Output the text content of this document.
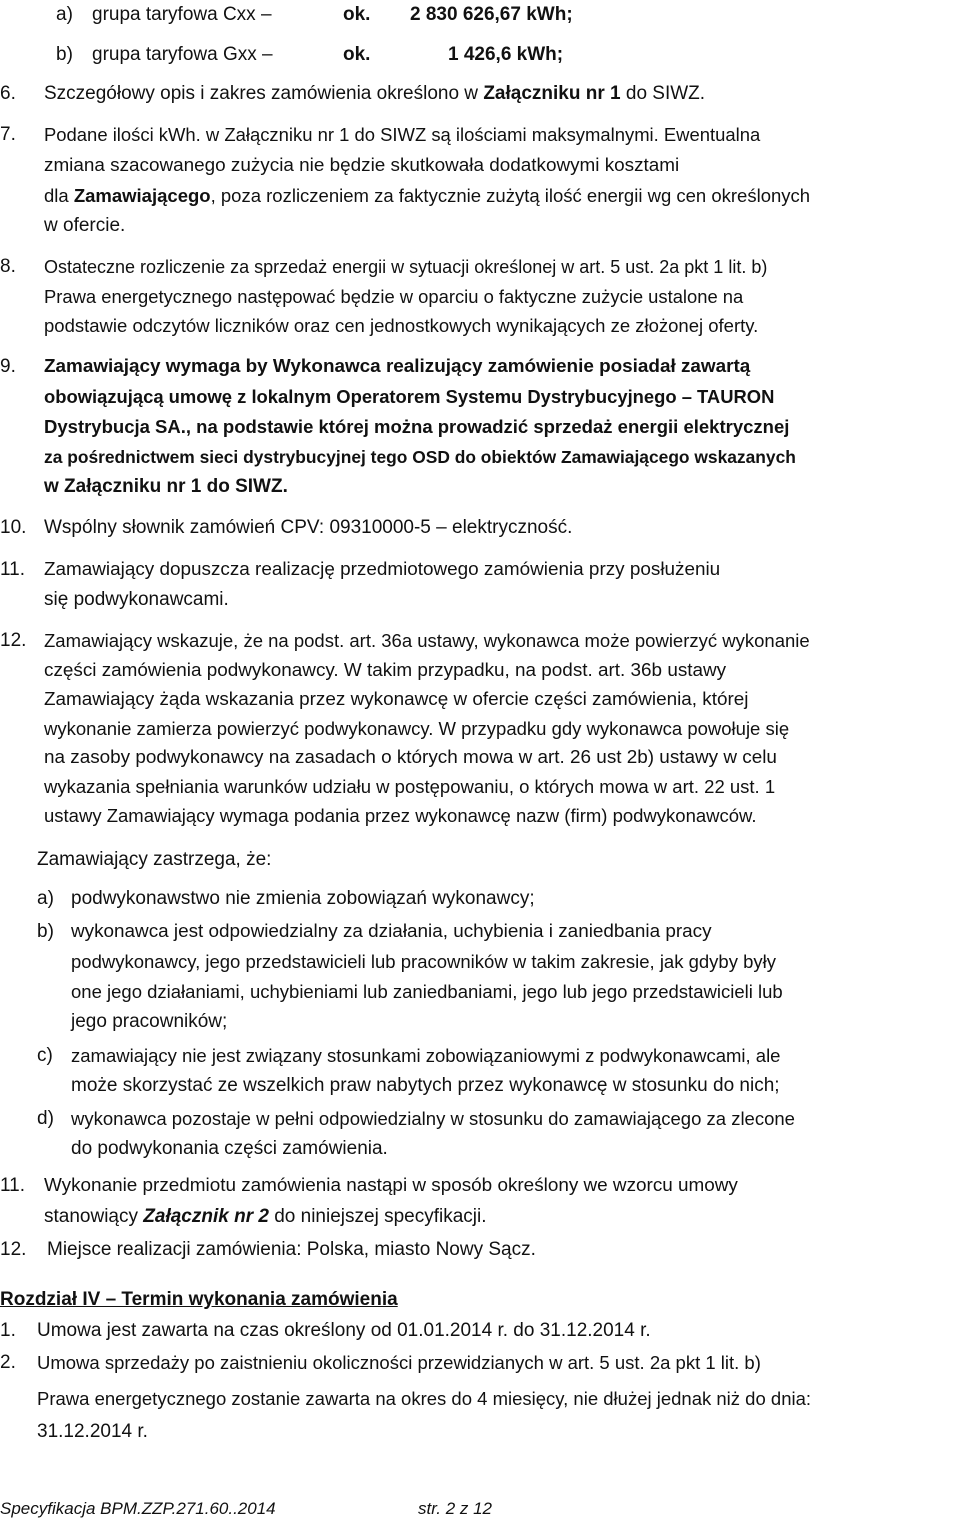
a) grupa taryfowa Cxx –	ok. 2 830 626,67 kWh;
b) grupa taryfowa Gxx –	ok.	1 426,6 kWh;
6. Szczegółowy opis i zakres zamówienia określono w Załączniku nr 1 do SIWZ.
7. Podane ilości kWh. w Załączniku nr 1 do SIWZ są ilościami maksymalnymi. Ewentualna
zmiana szacowanego zużycia nie będzie skutkowała dodatkowymi kosztami
dla Zamawiającego, poza rozliczeniem za faktycznie zużytą ilość energii wg cen określonych
w ofercie.
8. Ostateczne rozliczenie za sprzedaż energii w sytuacji określonej w art. 5 ust. 2a pkt 1 lit. b)
Prawa energetycznego następować będzie w oparciu o faktyczne zużycie ustalone na
podstawie odczytów liczników oraz cen jednostkowych wynikających ze złożonej oferty.
9. Zamawiający wymaga by Wykonawca realizujący zamówienie posiadał zawartą
obowiązującą umowę z lokalnym Operatorem Systemu Dystrybucyjnego – TAURON
Dystrybucja SA., na podstawie której można prowadzić sprzedaż energii elektrycznej
za pośrednictwem sieci dystrybucyjnej tego OSD do obiektów Zamawiającego wskazanych
w Załączniku nr 1 do SIWZ.
10. Wspólny słownik zamówień CPV: 09310000-5 – elektryczność.
11. Zamawiający dopuszcza realizację przedmiotowego zamówienia przy posłużeniu
się podwykonawcami.
12. Zamawiający wskazuje, że na podst. art. 36a ustawy, wykonawca może powierzyć wykonanie
części zamówienia podwykonawcy. W takim przypadku, na podst. art. 36b ustawy
Zamawiający żąda wskazania przez wykonawcę w ofercie części zamówienia, której
wykonanie zamierza powierzyć podwykonawcy. W przypadku gdy wykonawca powołuje się
na zasoby podwykonawcy na zasadach o których mowa w art. 26 ust 2b) ustawy w celu
wykazania spełniania warunków udziału w postępowaniu, o których mowa w art. 22 ust. 1
ustawy Zamawiający wymaga podania przez wykonawcę nazw (firm) podwykonawców.
Zamawiający zastrzega, że:
a) podwykonawstwo nie zmienia zobowiązań wykonawcy;
b) wykonawca jest odpowiedzialny za działania, uchybienia i zaniedbania pracy
podwykonawcy, jego przedstawicieli lub pracowników w takim zakresie, jak gdyby były
one jego działaniami, uchybieniami lub zaniedbaniami, jego lub jego przedstawicieli lub
jego pracowników;
c) zamawiający nie jest związany stosunkami zobowiązaniowymi z podwykonawcami, ale
może skorzystać ze wszelkich praw nabytych przez wykonawcę w stosunku do nich;
d) wykonawca pozostaje w pełni odpowiedzialny w stosunku do zamawiającego za zlecone
do podwykonania części zamówienia.
11. Wykonanie przedmiotu zamówienia nastąpi w sposób określony we wzorcu umowy
stanowiący Załącznik nr 2 do niniejszej specyfikacji.
12. Miejsce realizacji zamówienia: Polska, miasto Nowy Sącz.
Rozdział IV – Termin wykonania zamówienia
1. Umowa jest zawarta na czas określony od 01.01.2014 r. do 31.12.2014 r.
2. Umowa sprzedaży po zaistnieniu okoliczności przewidzianych w art. 5 ust. 2a pkt 1 lit. b)
Prawa energetycznego zostanie zawarta na okres do 4 miesięcy, nie dłużej jednak niż do dnia:
31.12.2014 r.
Specyfikacja BPM.ZZP.271.60..2014	str. 2 z 12
